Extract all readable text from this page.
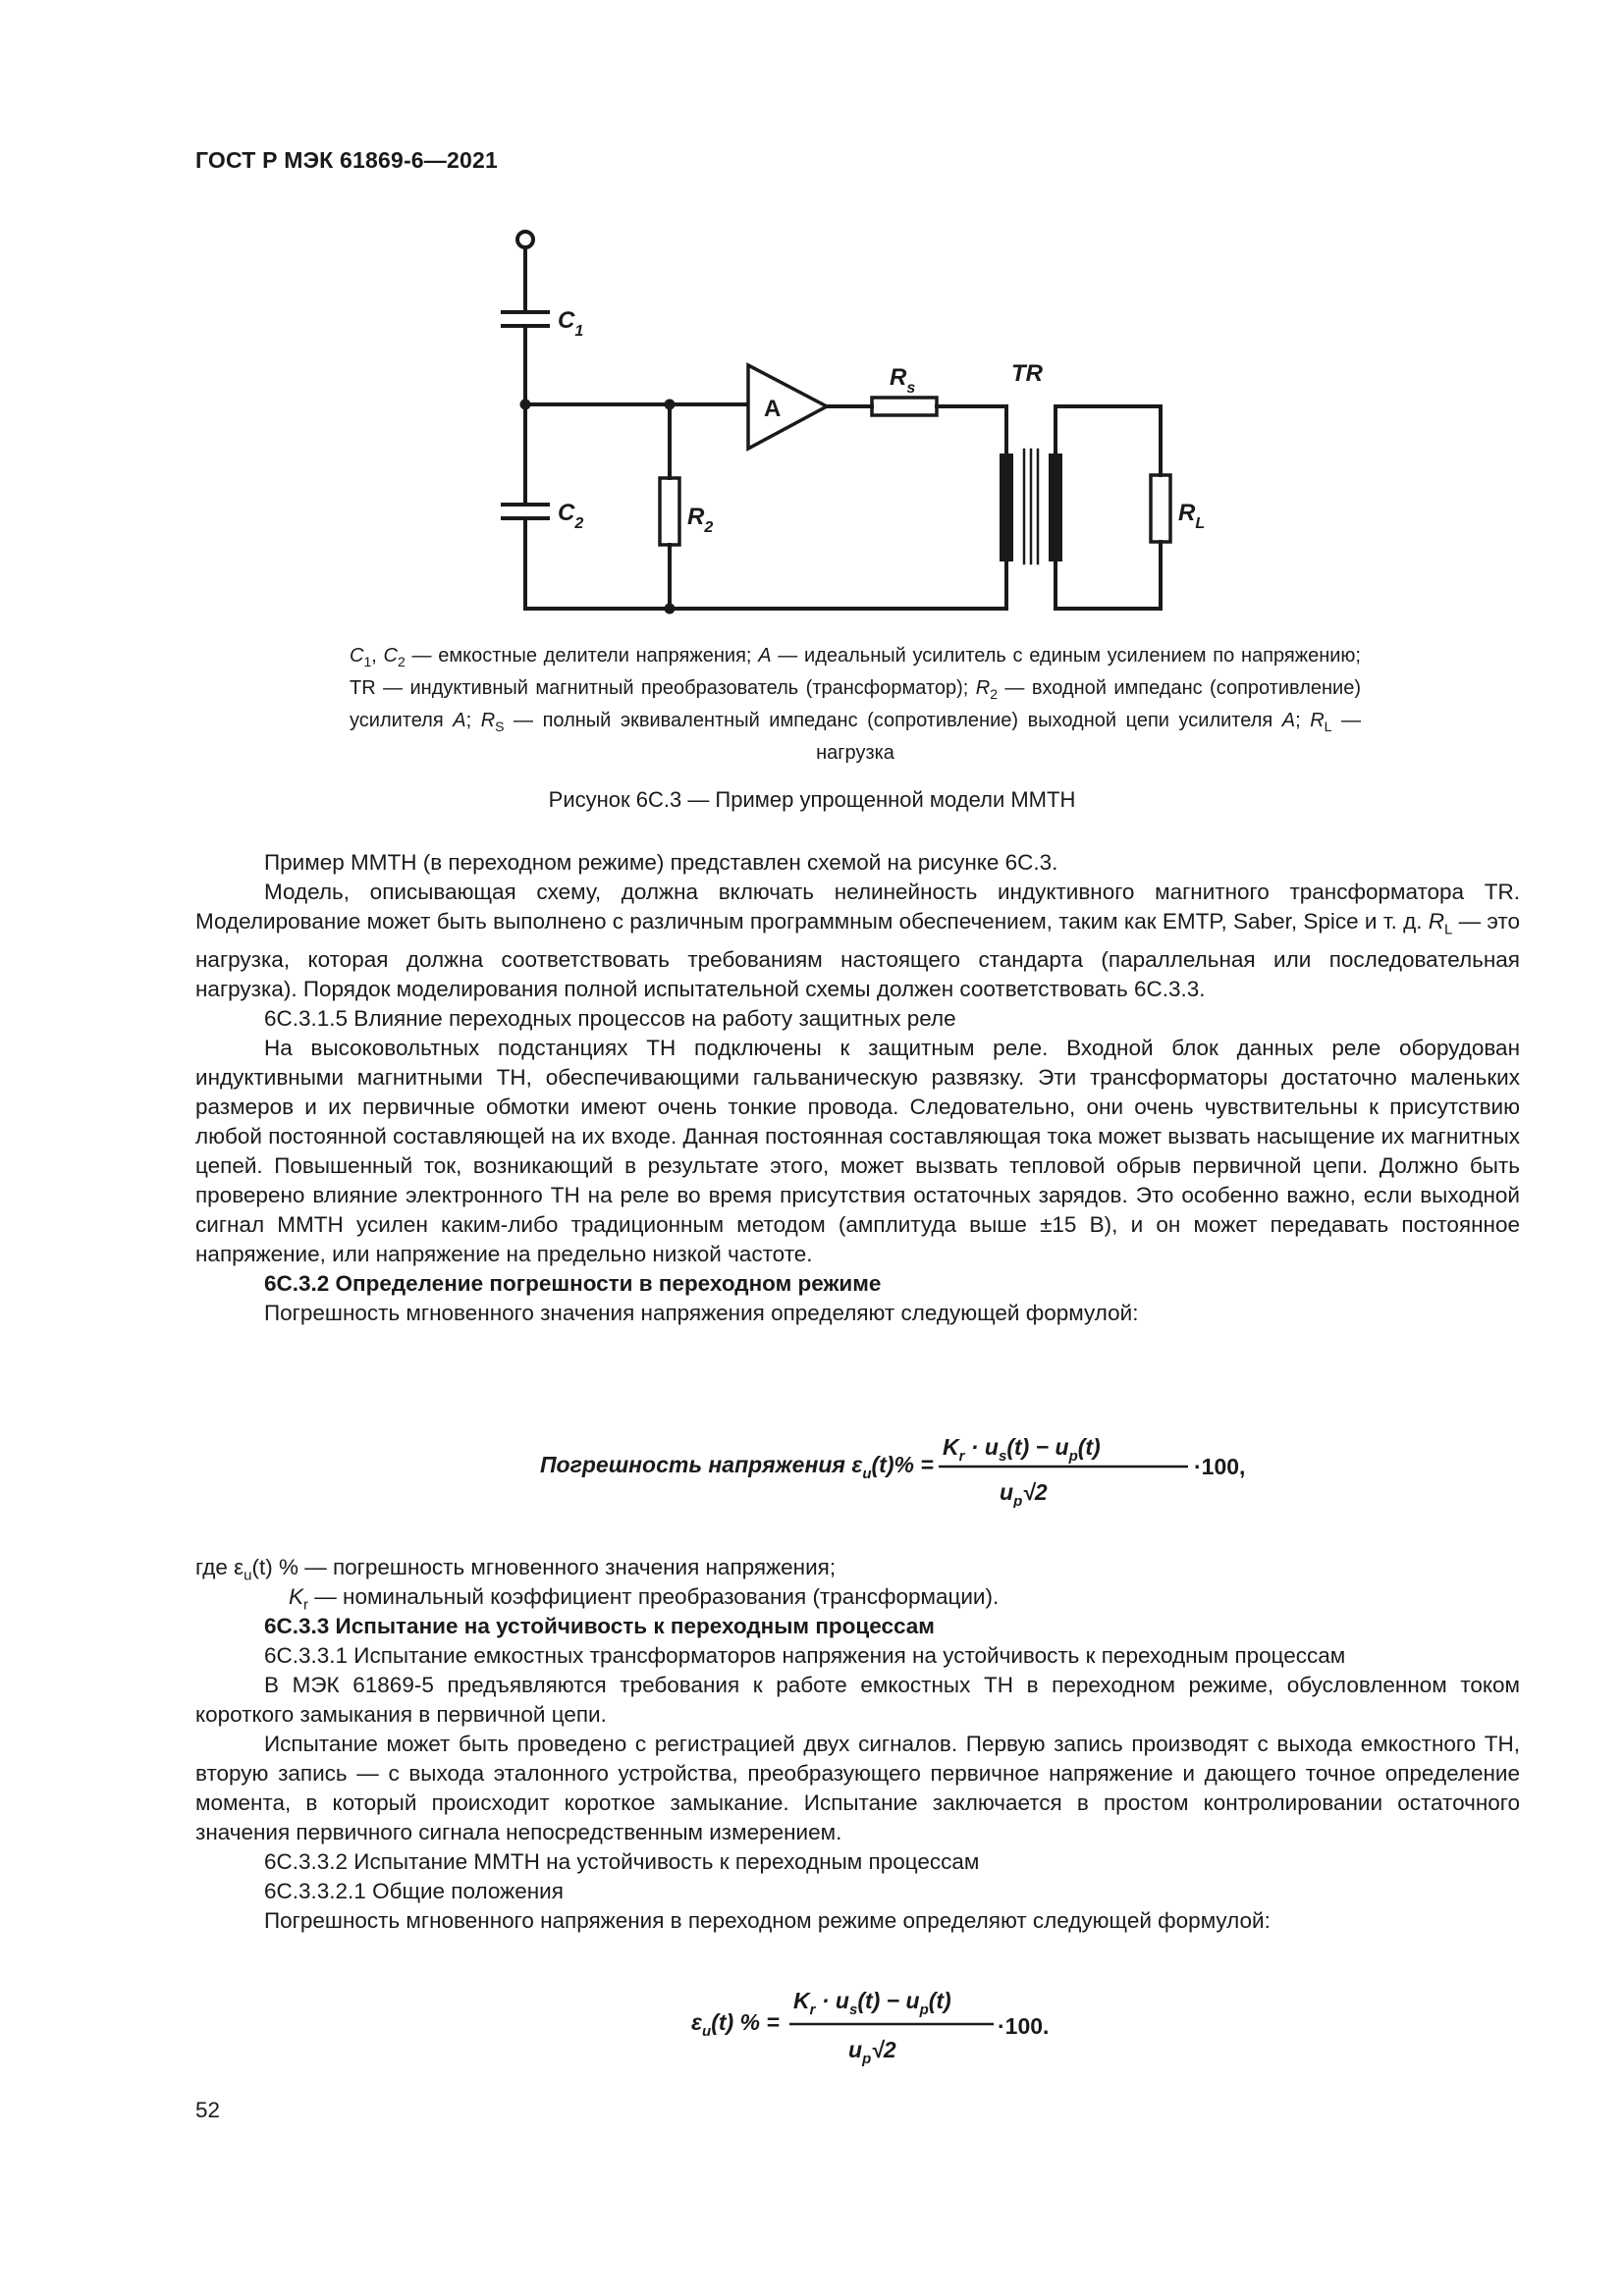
ГОСТ Р МЭК 61869-6—2021
$C_1$
$C_2$	$R_2$
$R_s$
TR
$R_L$
A
$C_1$, $C_2$ — емкостные делители напряжения; A — идеальный усилитель с единым усилением по напряжению; TR — индуктивный магнитный преобразователь (трансформатор); $R_2$ — входной импеданс (сопротивление) усилителя A; $R_S$ — полный эквивалентный импеданс (сопротивление) выходной цепи усилителя A; $R_L$ — нагрузка
Рисунок 6С.3 — Пример упрощенной модели ММТН

Пример ММТН (в переходном режиме) представлен схемой на рисунке 6С.3.

Модель, описывающая схему, должна включать нелинейность индуктивного магнитного трансформатора TR. Моделирование может быть выполнено с различным программным обеспечением, таким как EMTP, Saber, Spice и т. д. $R_L$ — это нагрузка, которая должна соответствовать требованиям настоящего стандарта (параллельная или последовательная нагрузка). Порядок моделирования полной испытательной схемы должен соответствовать 6С.3.3.

6С.3.1.5 Влияние переходных процессов на работу защитных реле

На высоковольтных подстанциях ТН подключены к защитным реле. Входной блок данных реле оборудован индуктивными магнитными ТН, обеспечивающими гальваническую развязку. Эти трансформаторы достаточно маленьких размеров и их первичные обмотки имеют очень тонкие провода. Следовательно, они очень чувствительны к присутствию любой постоянной составляющей на их входе. Данная постоянная составляющая тока может вызвать насыщение их магнитных цепей. Повышенный ток, возникающий в результате этого, может вызвать тепловой обрыв первичной цепи. Должно быть проверено влияние электронного ТН на реле во время присутствия остаточных зарядов. Это особенно важно, если выходной сигнал ММТН усилен каким-либо традиционным методом (амплитуда выше ±15 В), и он может передавать постоянное напряжение, или напряжение на предельно низкой частоте.

6С.3.2 Определение погрешности в переходном режиме

Погрешность мгновенного значения напряжения определяют следующей формулой:

Погрешность напряжения $\varepsilon_u(t)\%$ =
$K_r \cdot u_s(t) - u_p(t)$
$u_p√2$
·100,
где $\varepsilon_u(t)$ % — погрешность мгновенного значения напряжения;
$K_r$ — номинальный коэффициент преобразования (трансформации).

6С.3.3 Испытание на устойчивость к переходным процессам

6С.3.3.1 Испытание емкостных трансформаторов напряжения на устойчивость к переходным процессам

В МЭК 61869-5 предъявляются требования к работе емкостных ТН в переходном режиме, обусловленном током короткого замыкания в первичной цепи.

Испытание может быть проведено с регистрацией двух сигналов. Первую запись производят с выхода емкостного ТН, вторую запись — с выхода эталонного устройства, преобразующего первичное напряжение и дающего точное определение момента, в который происходит короткое замыкание. Испытание заключается в простом контролировании остаточного значения первичного сигнала непосредственным измерением.

6С.3.3.2 Испытание ММТН на устойчивость к переходным процессам

6С.3.3.2.1 Общие положения

Погрешность мгновенного напряжения в переходном режиме определяют следующей формулой:

$\varepsilon_u(t)$ % =
$K_r \cdot u_s(t) - u_p(t)$
$u_p√2$
·100.
52
